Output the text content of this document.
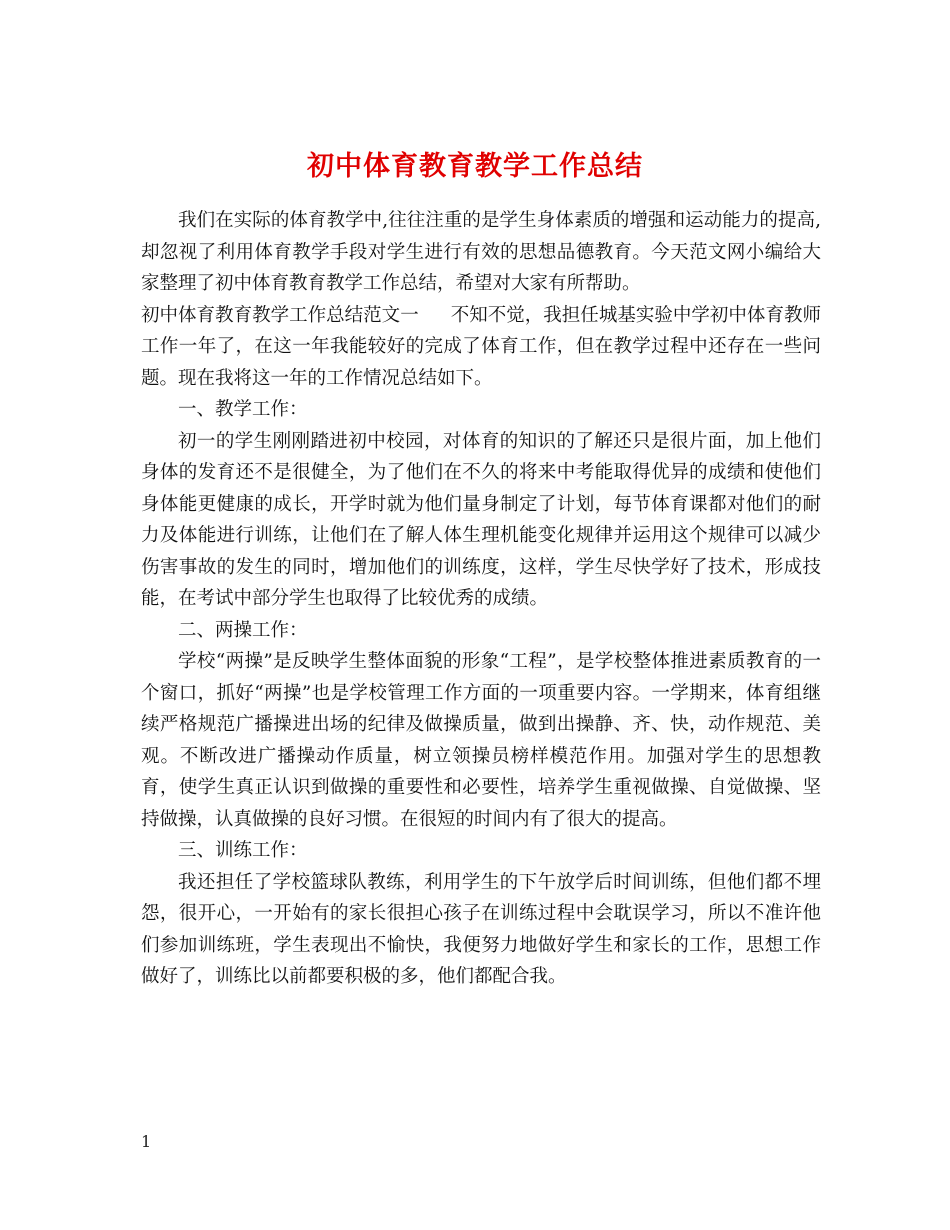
初中体育教育教学工作总结

我们在实际的体育教学中,往往注重的是学生身体素质的增强和运动能力的提高,却忽视了利用体育教学手段对学生进行有效的思想品德教育。今天范文网小编给大家整理了初中体育教育教学工作总结，希望对大家有所帮助。

初中体育教育教学工作总结范文一 不知不觉，我担任城基实验中学初中体育教师工作一年了，在这一年我能较好的完成了体育工作，但在教学过程中还存在一些问题。现在我将这一年的工作情况总结如下。

一、教学工作：

初一的学生刚刚踏进初中校园，对体育的知识的了解还只是很片面，加上他们身体的发育还不是很健全，为了他们在不久的将来中考能取得优异的成绩和使他们身体能更健康的成长，开学时就为他们量身制定了计划，每节体育课都对他们的耐力及体能进行训练，让他们在了解人体生理机能变化规律并运用这个规律可以减少伤害事故的发生的同时，增加他们的训练度，这样，学生尽快学好了技术，形成技能，在考试中部分学生也取得了比较优秀的成绩。

二、两操工作：

学校“两操”是反映学生整体面貌的形象“工程”，是学校整体推进素质教育的一个窗口，抓好“两操”也是学校管理工作方面的一项重要内容。一学期来，体育组继续严格规范广播操进出场的纪律及做操质量，做到出操静、齐、快，动作规范、美观。不断改进广播操动作质量，树立领操员榜样模范作用。加强对学生的思想教育，使学生真正认识到做操的重要性和必要性，培养学生重视做操、自觉做操、坚持做操，认真做操的良好习惯。在很短的时间内有了很大的提高。

三、训练工作：

我还担任了学校篮球队教练，利用学生的下午放学后时间训练，但他们都不埋怨，很开心，一开始有的家长很担心孩子在训练过程中会耽误学习，所以不准许他们参加训练班，学生表现出不愉快，我便努力地做好学生和家长的工作，思想工作做好了，训练比以前都要积极的多，他们都配合我。

1
